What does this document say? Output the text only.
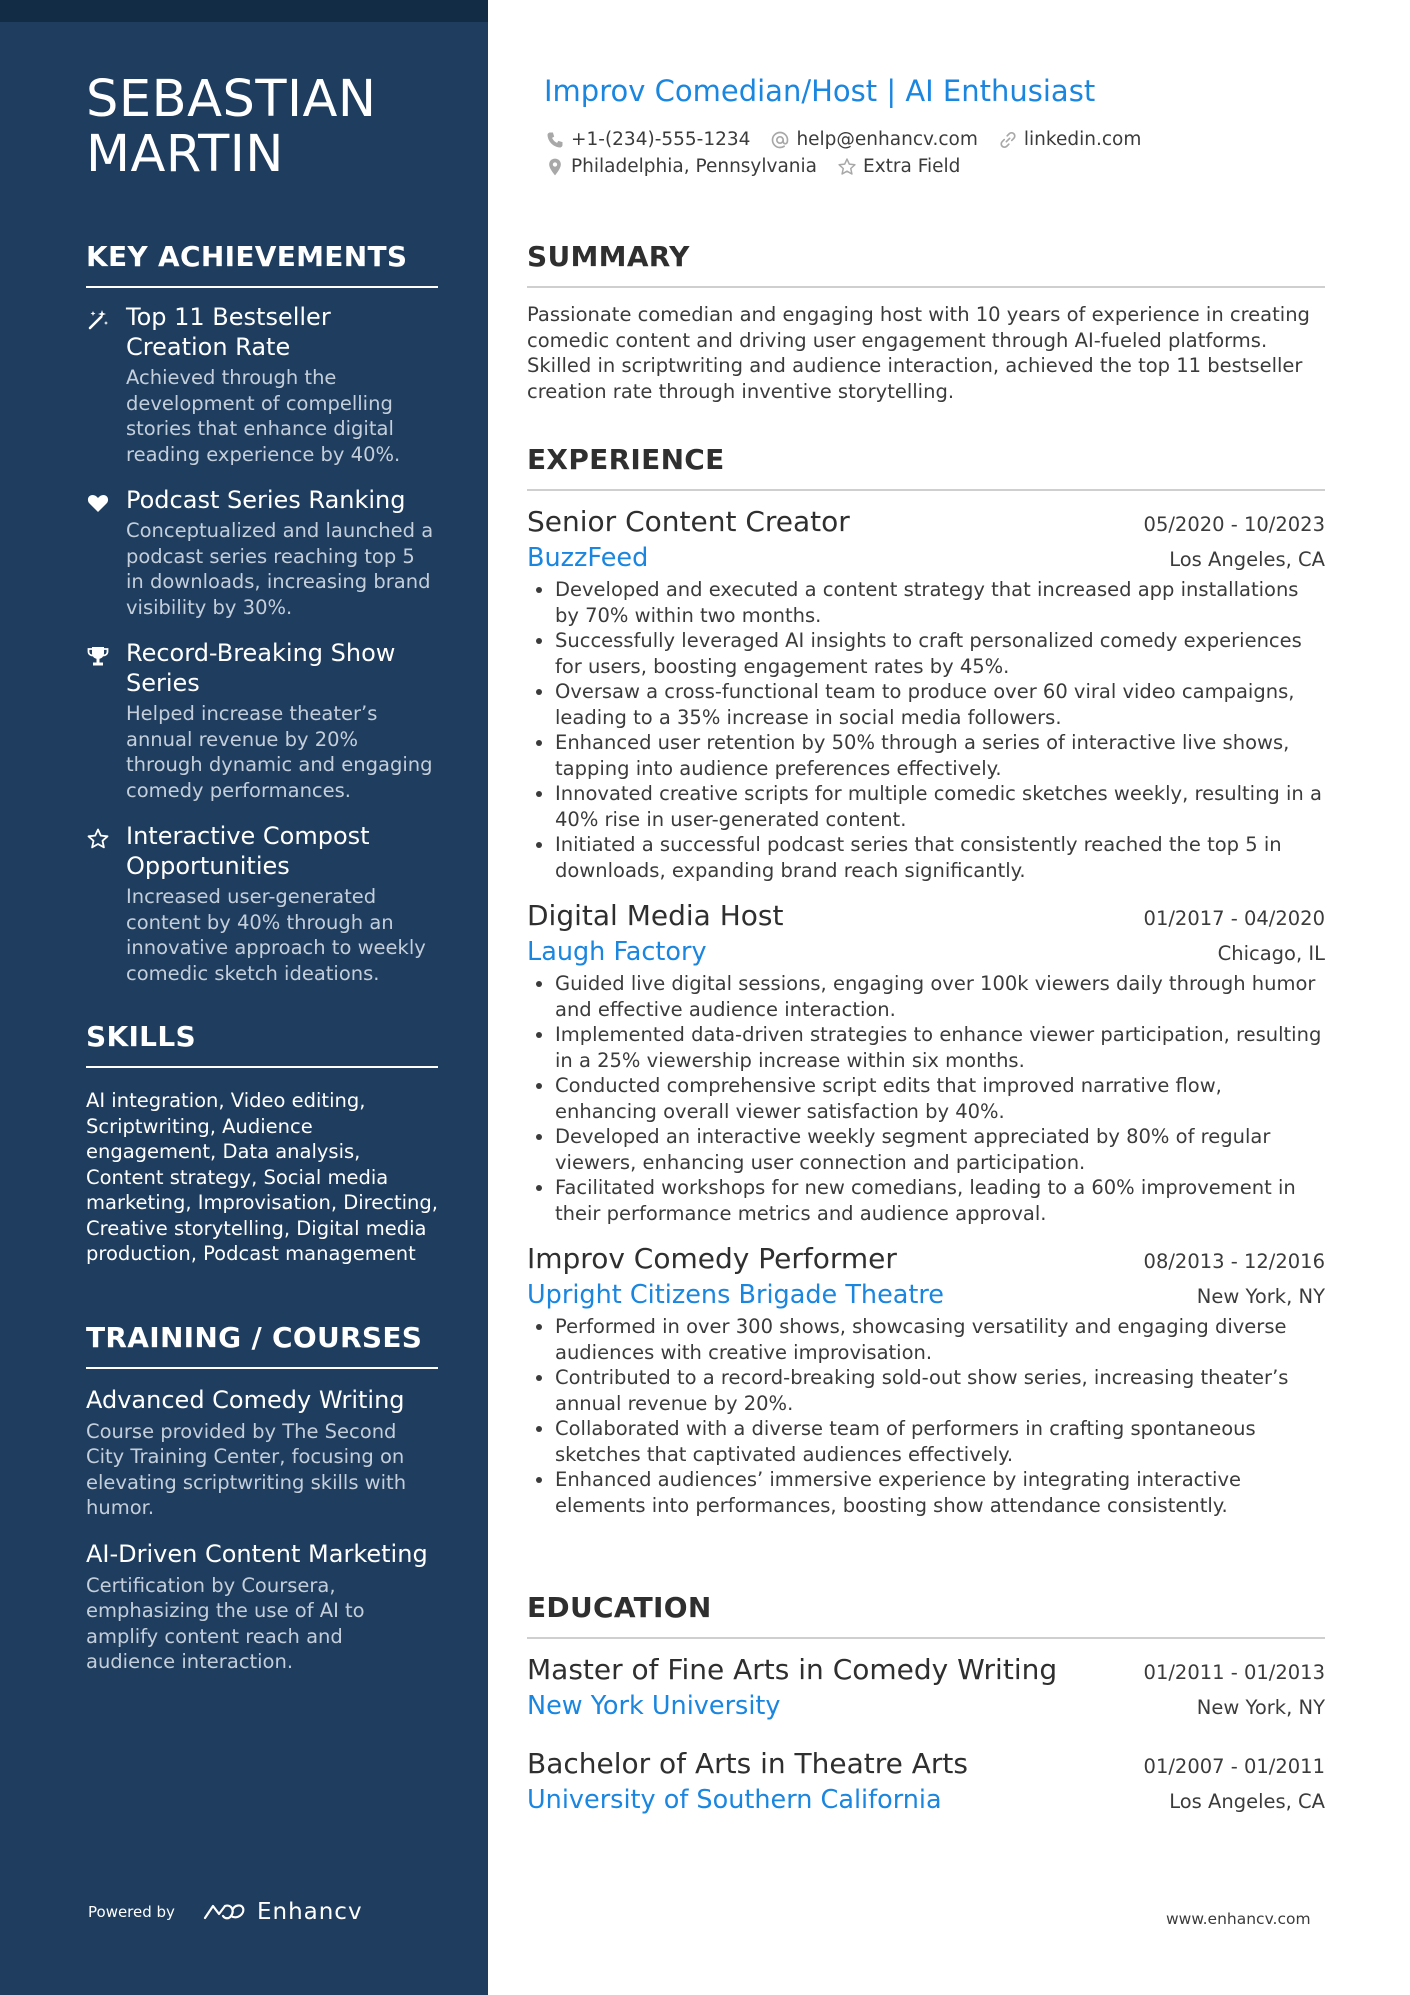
SEBASTIAN MARTIN
KEY ACHIEVEMENTS
Top 11 Bestseller Creation Rate
Achieved through the development of compelling stories that enhance digital reading experience by 40%.
Podcast Series Ranking
Conceptualized and launched a podcast series reaching top 5 in downloads, increasing brand visibility by 30%.
Record-Breaking Show Series
Helped increase theater’s annual revenue by 20% through dynamic and engaging comedy performances.
Interactive Compost Opportunities
Increased user-generated content by 40% through an innovative approach to weekly comedic sketch ideations.
SKILLS
AI integration, Video editing, Scriptwriting, Audience engagement, Data analysis, Content strategy, Social media marketing, Improvisation, Directing, Creative storytelling, Digital media production, Podcast management
TRAINING / COURSES
Advanced Comedy Writing
Course provided by The Second City Training Center, focusing on elevating scriptwriting skills with humor.
AI-Driven Content Marketing
Certification by Coursera, emphasizing the use of AI to amplify content reach and audience interaction.
Powered by	Enhancv
Improv Comedian/Host | AI Enthusiast
+1-(234)-555-1234 help@enhancv.com linkedin.com
Philadelphia, Pennsylvania Extra Field
SUMMARY
Passionate comedian and engaging host with 10 years of experience in creating comedic content and driving user engagement through AI-fueled platforms. Skilled in scriptwriting and audience interaction, achieved the top 11 bestseller creation rate through inventive storytelling.
EXPERIENCE
Senior Content Creator	05/2020 - 10/2023
BuzzFeed	Los Angeles, CA
• Developed and executed a content strategy that increased app installations by 70% within two months.
• Successfully leveraged AI insights to craft personalized comedy experiences for users, boosting engagement rates by 45%.
• Oversaw a cross-functional team to produce over 60 viral video campaigns, leading to a 35% increase in social media followers.
• Enhanced user retention by 50% through a series of interactive live shows, tapping into audience preferences effectively.
• Innovated creative scripts for multiple comedic sketches weekly, resulting in a 40% rise in user-generated content.
• Initiated a successful podcast series that consistently reached the top 5 in downloads, expanding brand reach significantly.
Digital Media Host	01/2017 - 04/2020
Laugh Factory	Chicago, IL
• Guided live digital sessions, engaging over 100k viewers daily through humor and effective audience interaction.
• Implemented data-driven strategies to enhance viewer participation, resulting in a 25% viewership increase within six months.
• Conducted comprehensive script edits that improved narrative flow, enhancing overall viewer satisfaction by 40%.
• Developed an interactive weekly segment appreciated by 80% of regular viewers, enhancing user connection and participation.
• Facilitated workshops for new comedians, leading to a 60% improvement in their performance metrics and audience approval.
Improv Comedy Performer	08/2013 - 12/2016
Upright Citizens Brigade Theatre	New York, NY
• Performed in over 300 shows, showcasing versatility and engaging diverse audiences with creative improvisation.
• Contributed to a record-breaking sold-out show series, increasing theater’s annual revenue by 20%.
• Collaborated with a diverse team of performers in crafting spontaneous sketches that captivated audiences effectively.
• Enhanced audiences’ immersive experience by integrating interactive elements into performances, boosting show attendance consistently.
EDUCATION
Master of Fine Arts in Comedy Writing	01/2011 - 01/2013
New York University	New York, NY
Bachelor of Arts in Theatre Arts	01/2007 - 01/2011
University of Southern California	Los Angeles, CA
www.enhancv.com
